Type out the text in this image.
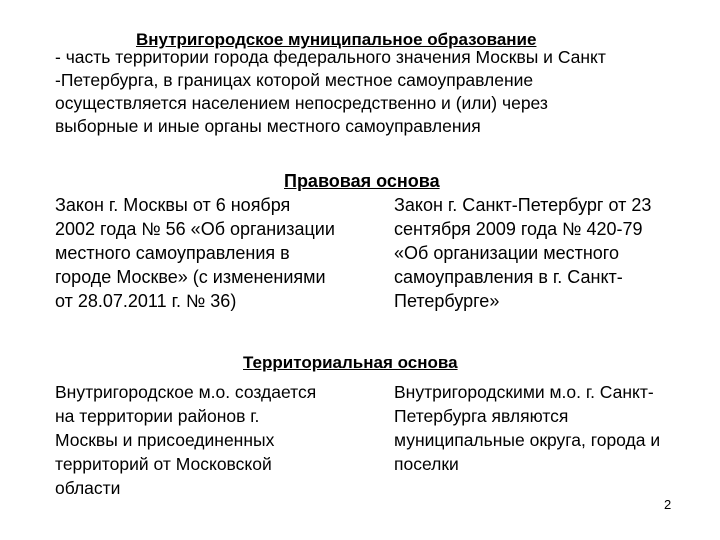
Внутригородское муниципальное образование
- часть территории города федерального значения Москвы и Санкт
-Петербурга, в границах которой местное самоуправление
осуществляется населением непосредственно и (или) через
выборные и иные органы местного самоуправления
Правовая основа
Закон г. Москвы от 6 ноября
2002 года № 56 «Об организации
местного самоуправления в
городе Москве» (с изменениями
от 28.07.2011 г. № 36)
Закон г. Санкт-Петербург от 23
сентября 2009 года № 420-79
«Об организации местного
самоуправления в г. Санкт-
Петербурге»
Территориальная основа
Внутригородское м.о. создается
на территории районов г.
Москвы и присоединенных
территорий от Московской
области
Внутригородскими м.о. г. Санкт-
Петербурга являются
муниципальные округа, города и
поселки
2
